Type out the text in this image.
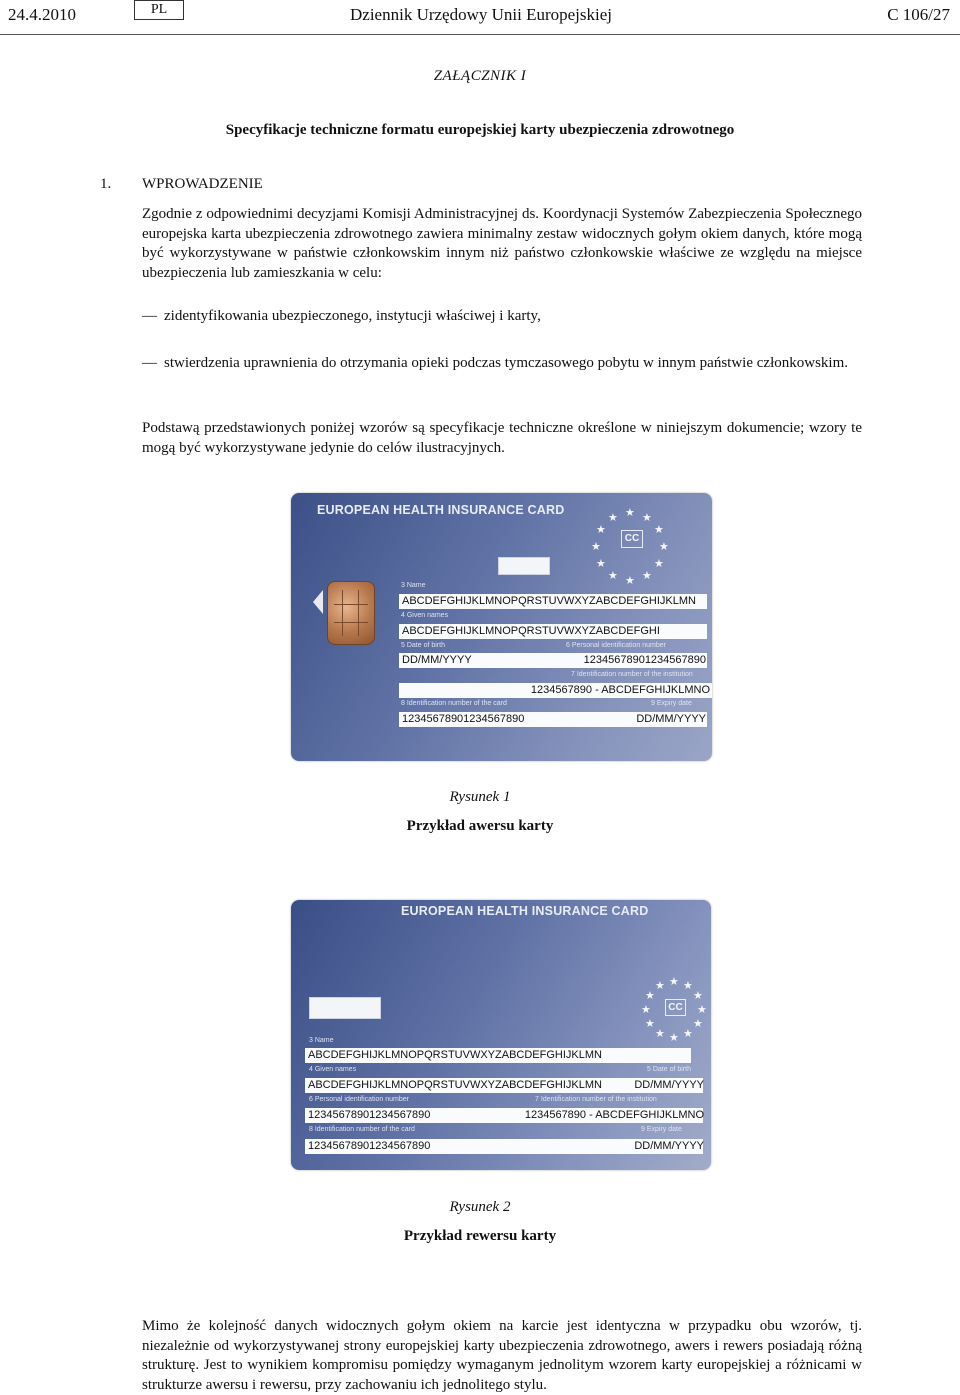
24.4.2010	PL	Dziennik Urzędowy Unii Europejskiej	C 106/27
ZAŁĄCZNIK I
Specyfikacje techniczne formatu europejskiej karty ubezpieczenia zdrowotnego
1. WPROWADZENIE
Zgodnie z odpowiednimi decyzjami Komisji Administracyjnej ds. Koordynacji Systemów Zabezpieczenia Społecznego europejska karta ubezpieczenia zdrowotnego zawiera minimalny zestaw widocznych gołym okiem danych, które mogą być wykorzystywane w państwie członkowskim innym niż państwo członkowskie właściwe ze względu na miejsce ubezpieczenia lub zamieszkania w celu:
— zidentyfikowania ubezpieczonego, instytucji właściwej i karty,
— stwierdzenia uprawnienia do otrzymania opieki podczas tymczasowego pobytu w innym państwie członkowskim.
Podstawą przedstawionych poniżej wzorów są specyfikacje techniczne określone w niniejszym dokumencie; wzory te mogą być wykorzystywane jedynie do celów ilustracyjnych.
EUROPEAN HEALTH INSURANCE CARD	★ ★
★
★
★
★
★
★
★
★
★
★
CC
3 Name
ABCDEFGHIJKLMNOPQRSTUVWXYZABCDEFGHIJKLMN
4 Given names
ABCDEFGHIJKLMNOPQRSTUVWXYZABCDEFGHI
5 Date of birth	6 Personal identification number
DD/MM/YYYY	12345678901234567890
7 Identification number of the institution
1234567890 - ABCDEFGHIJKLMNO
8 Identification number of the card	9 Expiry date
12345678901234567890	DD/MM/YYYY
Rysunek 1
Przykład awersu karty
EUROPEAN HEALTH INSURANCE CARD
★ ★
★
★
★
★
★
★
★
★
★
★
CC
3 Name
ABCDEFGHIJKLMNOPQRSTUVWXYZABCDEFGHIJKLMN
4 Given names	5 Date of birth
ABCDEFGHIJKLMNOPQRSTUVWXYZABCDEFGHIJKLMN	DD/MM/YYYY
6 Personal identification number	7 Identification number of the institution
12345678901234567890	1234567890 - ABCDEFGHIJKLMNO
8 Identification number of the card	9 Expiry date
12345678901234567890	DD/MM/YYYY
Rysunek 2
Przykład rewersu karty
Mimo że kolejność danych widocznych gołym okiem na karcie jest identyczna w przypadku obu wzorów, tj. niezależnie od wykorzystywanej strony europejskiej karty ubezpieczenia zdrowotnego, awers i rewers posiadają różną strukturę. Jest to wynikiem kompromisu pomiędzy wymaganym jednolitym wzorem karty europejskiej a różnicami w strukturze awersu i rewersu, przy zachowaniu ich jednolitego stylu.
